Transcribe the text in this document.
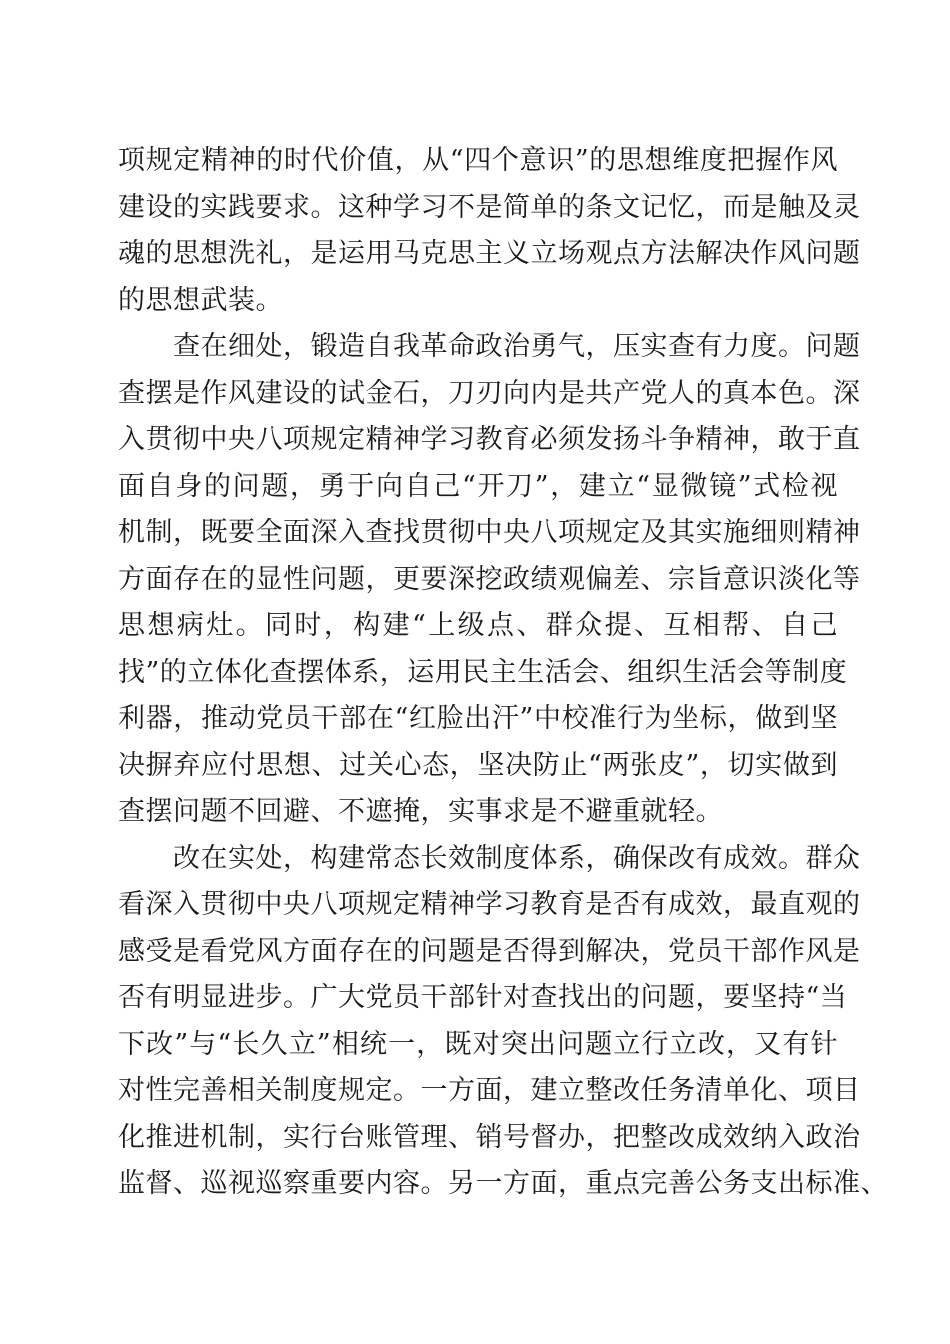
项规定精神的时代价值，从“四个意识”的思想维度把握作风
建设的实践要求。这种学习不是简单的条文记忆，而是触及灵
魂的思想洗礼，是运用马克思主义立场观点方法解决作风问题
的思想武装。
　　查在细处，锻造自我革命政治勇气，压实查有力度。问题
查摆是作风建设的试金石，刀刃向内是共产党人的真本色。深
入贯彻中央八项规定精神学习教育必须发扬斗争精神，敢于直
面自身的问题，勇于向自己“开刀”，建立“显微镜”式检视
机制，既要全面深入查找贯彻中央八项规定及其实施细则精神
方面存在的显性问题，更要深挖政绩观偏差、宗旨意识淡化等
思想病灶。同时，构建“上级点、群众提、互相帮、自己
找”的立体化查摆体系，运用民主生活会、组织生活会等制度
利器，推动党员干部在“红脸出汗”中校准行为坐标，做到坚
决摒弃应付思想、过关心态，坚决防止“两张皮”，切实做到
查摆问题不回避、不遮掩，实事求是不避重就轻。
　　改在实处，构建常态长效制度体系，确保改有成效。群众
看深入贯彻中央八项规定精神学习教育是否有成效，最直观的
感受是看党风方面存在的问题是否得到解决，党员干部作风是
否有明显进步。广大党员干部针对查找出的问题，要坚持“当
下改”与“长久立”相统一，既对突出问题立行立改，又有针
对性完善相关制度规定。一方面，建立整改任务清单化、项目
化推进机制，实行台账管理、销号督办，把整改成效纳入政治
监督、巡视巡察重要内容。另一方面，重点完善公务支出标准、
